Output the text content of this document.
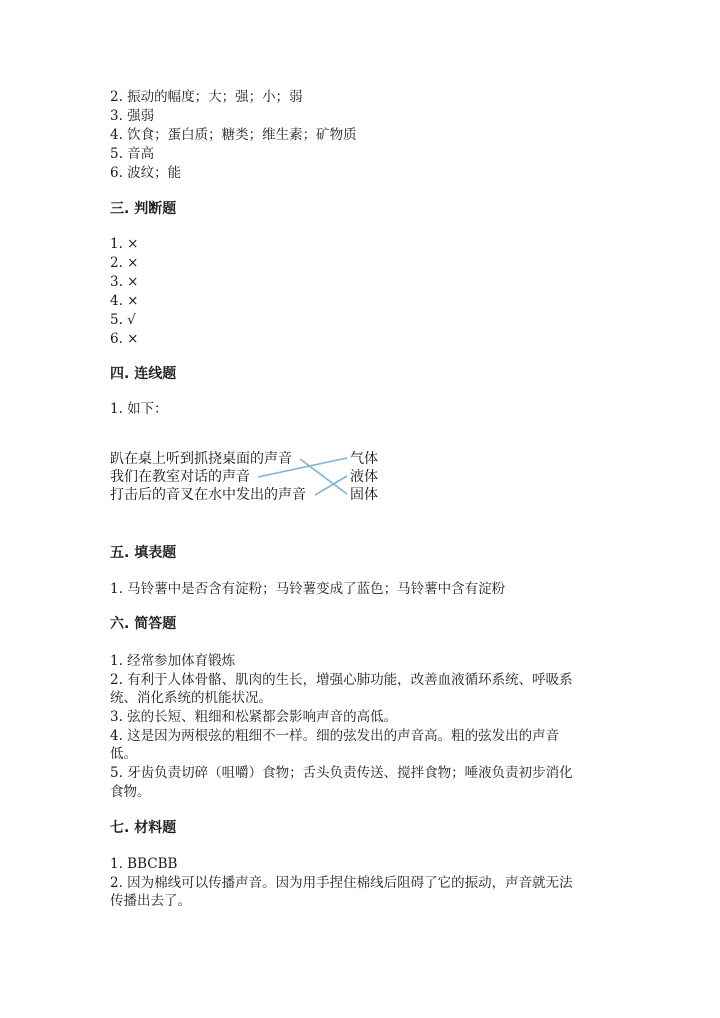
2. 振动的幅度；大；强；小；弱
3. 强弱
4. 饮食；蛋白质；糖类；维生素；矿物质
5. 音高
6. 波纹；能
三. 判断题
1. ×
2. ×
3. ×
4. ×
5. √
6. ×
四. 连线题
1. 如下：
趴在桌上听到抓挠桌面的声音
我们在教室对话的声音
打击后的音叉在水中发出的声音
气体
液体
固体
五. 填表题
1. 马铃薯中是否含有淀粉；马铃薯变成了蓝色；马铃薯中含有淀粉
六. 简答题
1. 经常参加体育锻炼
2. 有利于人体骨骼、肌肉的生长，增强心肺功能，改善血液循环系统、呼吸系
统、消化系统的机能状况。
3. 弦的长短、粗细和松紧都会影响声音的高低。
4. 这是因为两根弦的粗细不一样。细的弦发出的声音高。粗的弦发出的声音
低。
5. 牙齿负责切碎（咀嚼）食物；舌头负责传送、搅拌食物；唾液负责初步消化
食物。
七. 材料题
1. BBCBB
2. 因为棉线可以传播声音。因为用手捏住棉线后阻碍了它的振动，声音就无法
传播出去了。
